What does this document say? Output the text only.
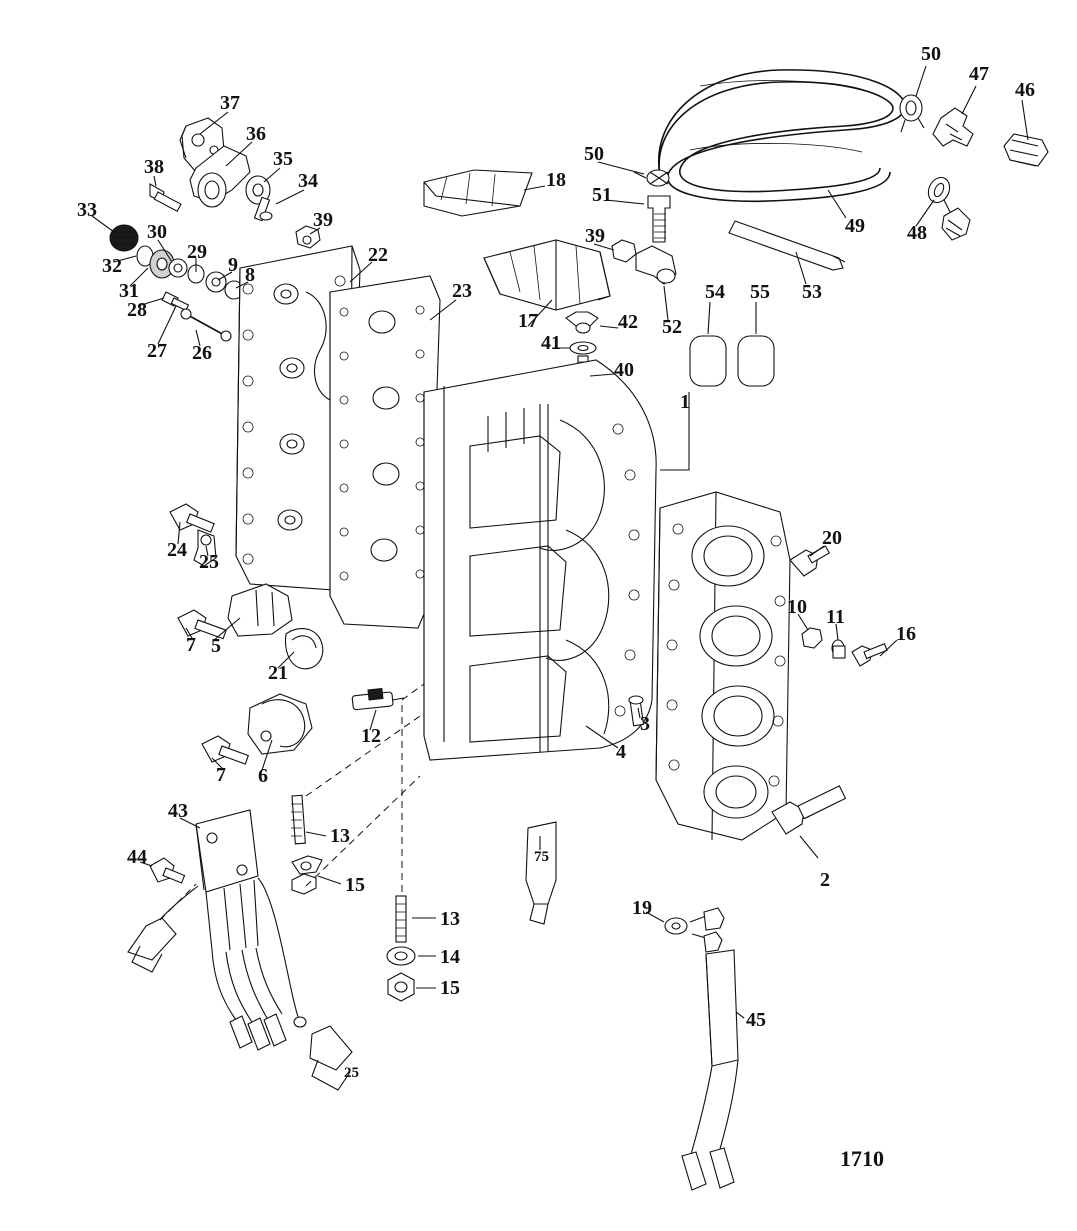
1
2
3
4
5
6
7
7
8
9
10 11
12
13
13
14
15
15
16
17
18
19
20
21
22
23
24
25
26
27
28
29
30
31
32
33
34
35
36
37
38
39
39
40
41
42
43
44
45
46
47
48
49
50
50
51
52
53
54 55
75
25
1710
